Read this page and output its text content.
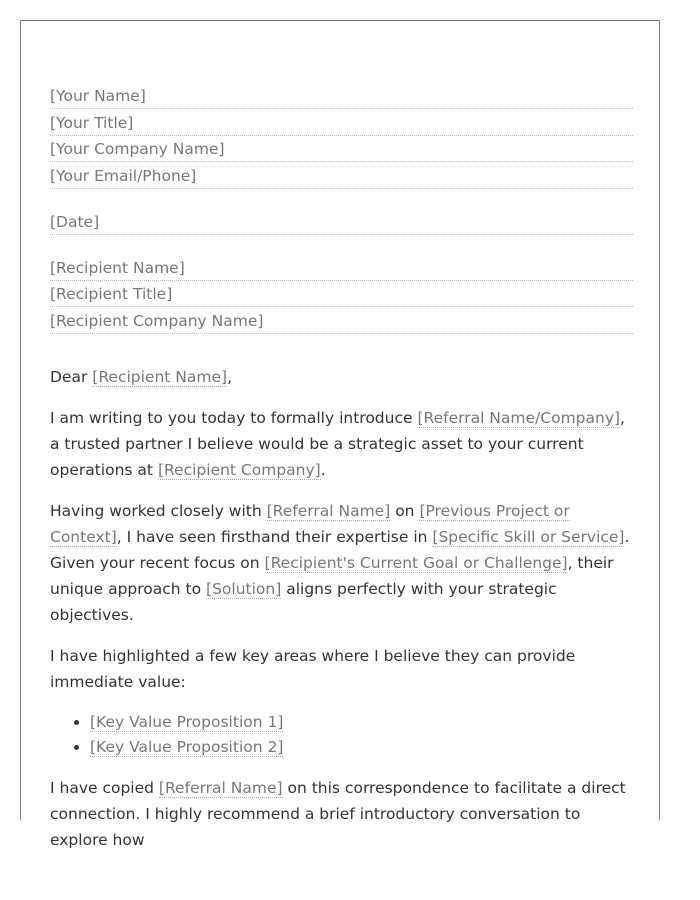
[Your Name]
[Your Title]
[Your Company Name]
[Your Email/Phone]
[Date]
[Recipient Name]
[Recipient Title]
[Recipient Company Name]

Dear [Recipient Name],

I am writing to you today to formally introduce [Referral Name/Company], a trusted partner I believe would be a strategic asset to your current operations at [Recipient Company].

Having worked closely with [Referral Name] on [Previous Project or Context], I have seen firsthand their expertise in [Specific Skill or Service]. Given your recent focus on [Recipient's Current Goal or Challenge], their unique approach to [Solution] aligns perfectly with your strategic objectives.

I have highlighted a few key areas where I believe they can provide immediate value:

• [Key Value Proposition 1]
• [Key Value Proposition 2]

I have copied [Referral Name] on this correspondence to facilitate a direct connection. I highly recommend a brief introductory conversation to explore how
